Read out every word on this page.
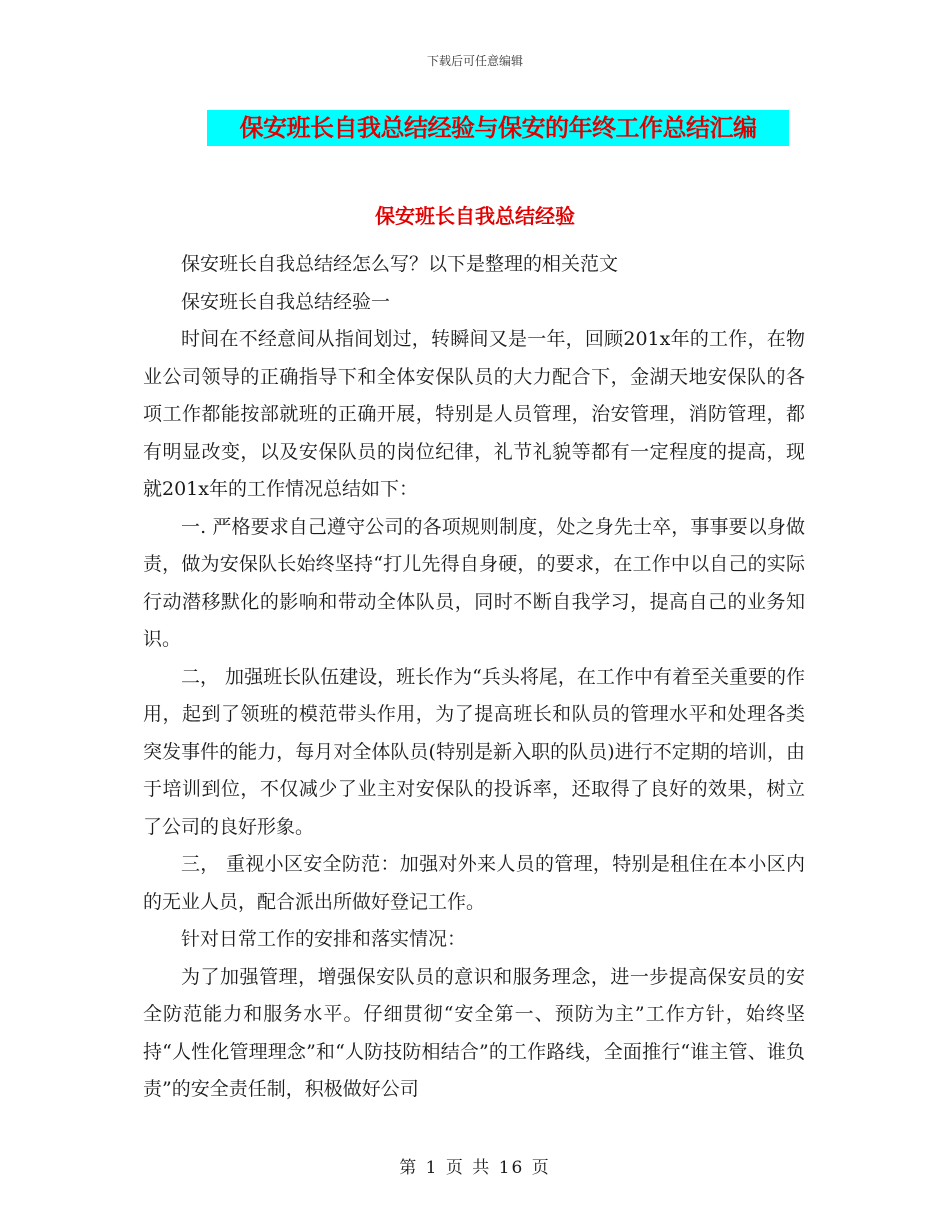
下载后可任意编辑
保安班长自我总结经验与保安的年终工作总结汇编
保安班长自我总结经验

保安班长自我总结经怎么写？以下是整理的相关范文

保安班长自我总结经验一

时间在不经意间从指间划过，转瞬间又是一年，回顾201x年的工作，在物业公司领导的正确指导下和全体安保队员的大力配合下，金湖天地安保队的各项工作都能按部就班的正确开展，特别是人员管理，治安管理，消防管理，都有明显改变，以及安保队员的岗位纪律，礼节礼貌等都有一定程度的提高，现就201x年的工作情况总结如下：

一. 严格要求自己遵守公司的各项规则制度，处之身先士卒，事事要以身做责，做为安保队长始终坚持“打儿先得自身硬，的要求，在工作中以自己的实际行动潜移默化的影响和带动全体队员，同时不断自我学习，提高自己的业务知识。

二， 加强班长队伍建设，班长作为“兵头将尾，在工作中有着至关重要的作用，起到了领班的模范带头作用，为了提高班长和队员的管理水平和处理各类突发事件的能力，每月对全体队员(特别是新入职的队员)进行不定期的培训，由于培训到位，不仅减少了业主对安保队的投诉率，还取得了良好的效果，树立了公司的良好形象。

三， 重视小区安全防范：加强对外来人员的管理，特别是租住在本小区内的无业人员，配合派出所做好登记工作。

针对日常工作的安排和落实情况：

为了加强管理，增强保安队员的意识和服务理念，进一步提高保安员的安全防范能力和服务水平。仔细贯彻“安全第一、预防为主”工作方针，始终坚持“人性化管理理念”和“人防技防相结合”的工作路线，全面推行“谁主管、谁负责”的安全责任制，积极做好公司

第 1 页 共 16 页
